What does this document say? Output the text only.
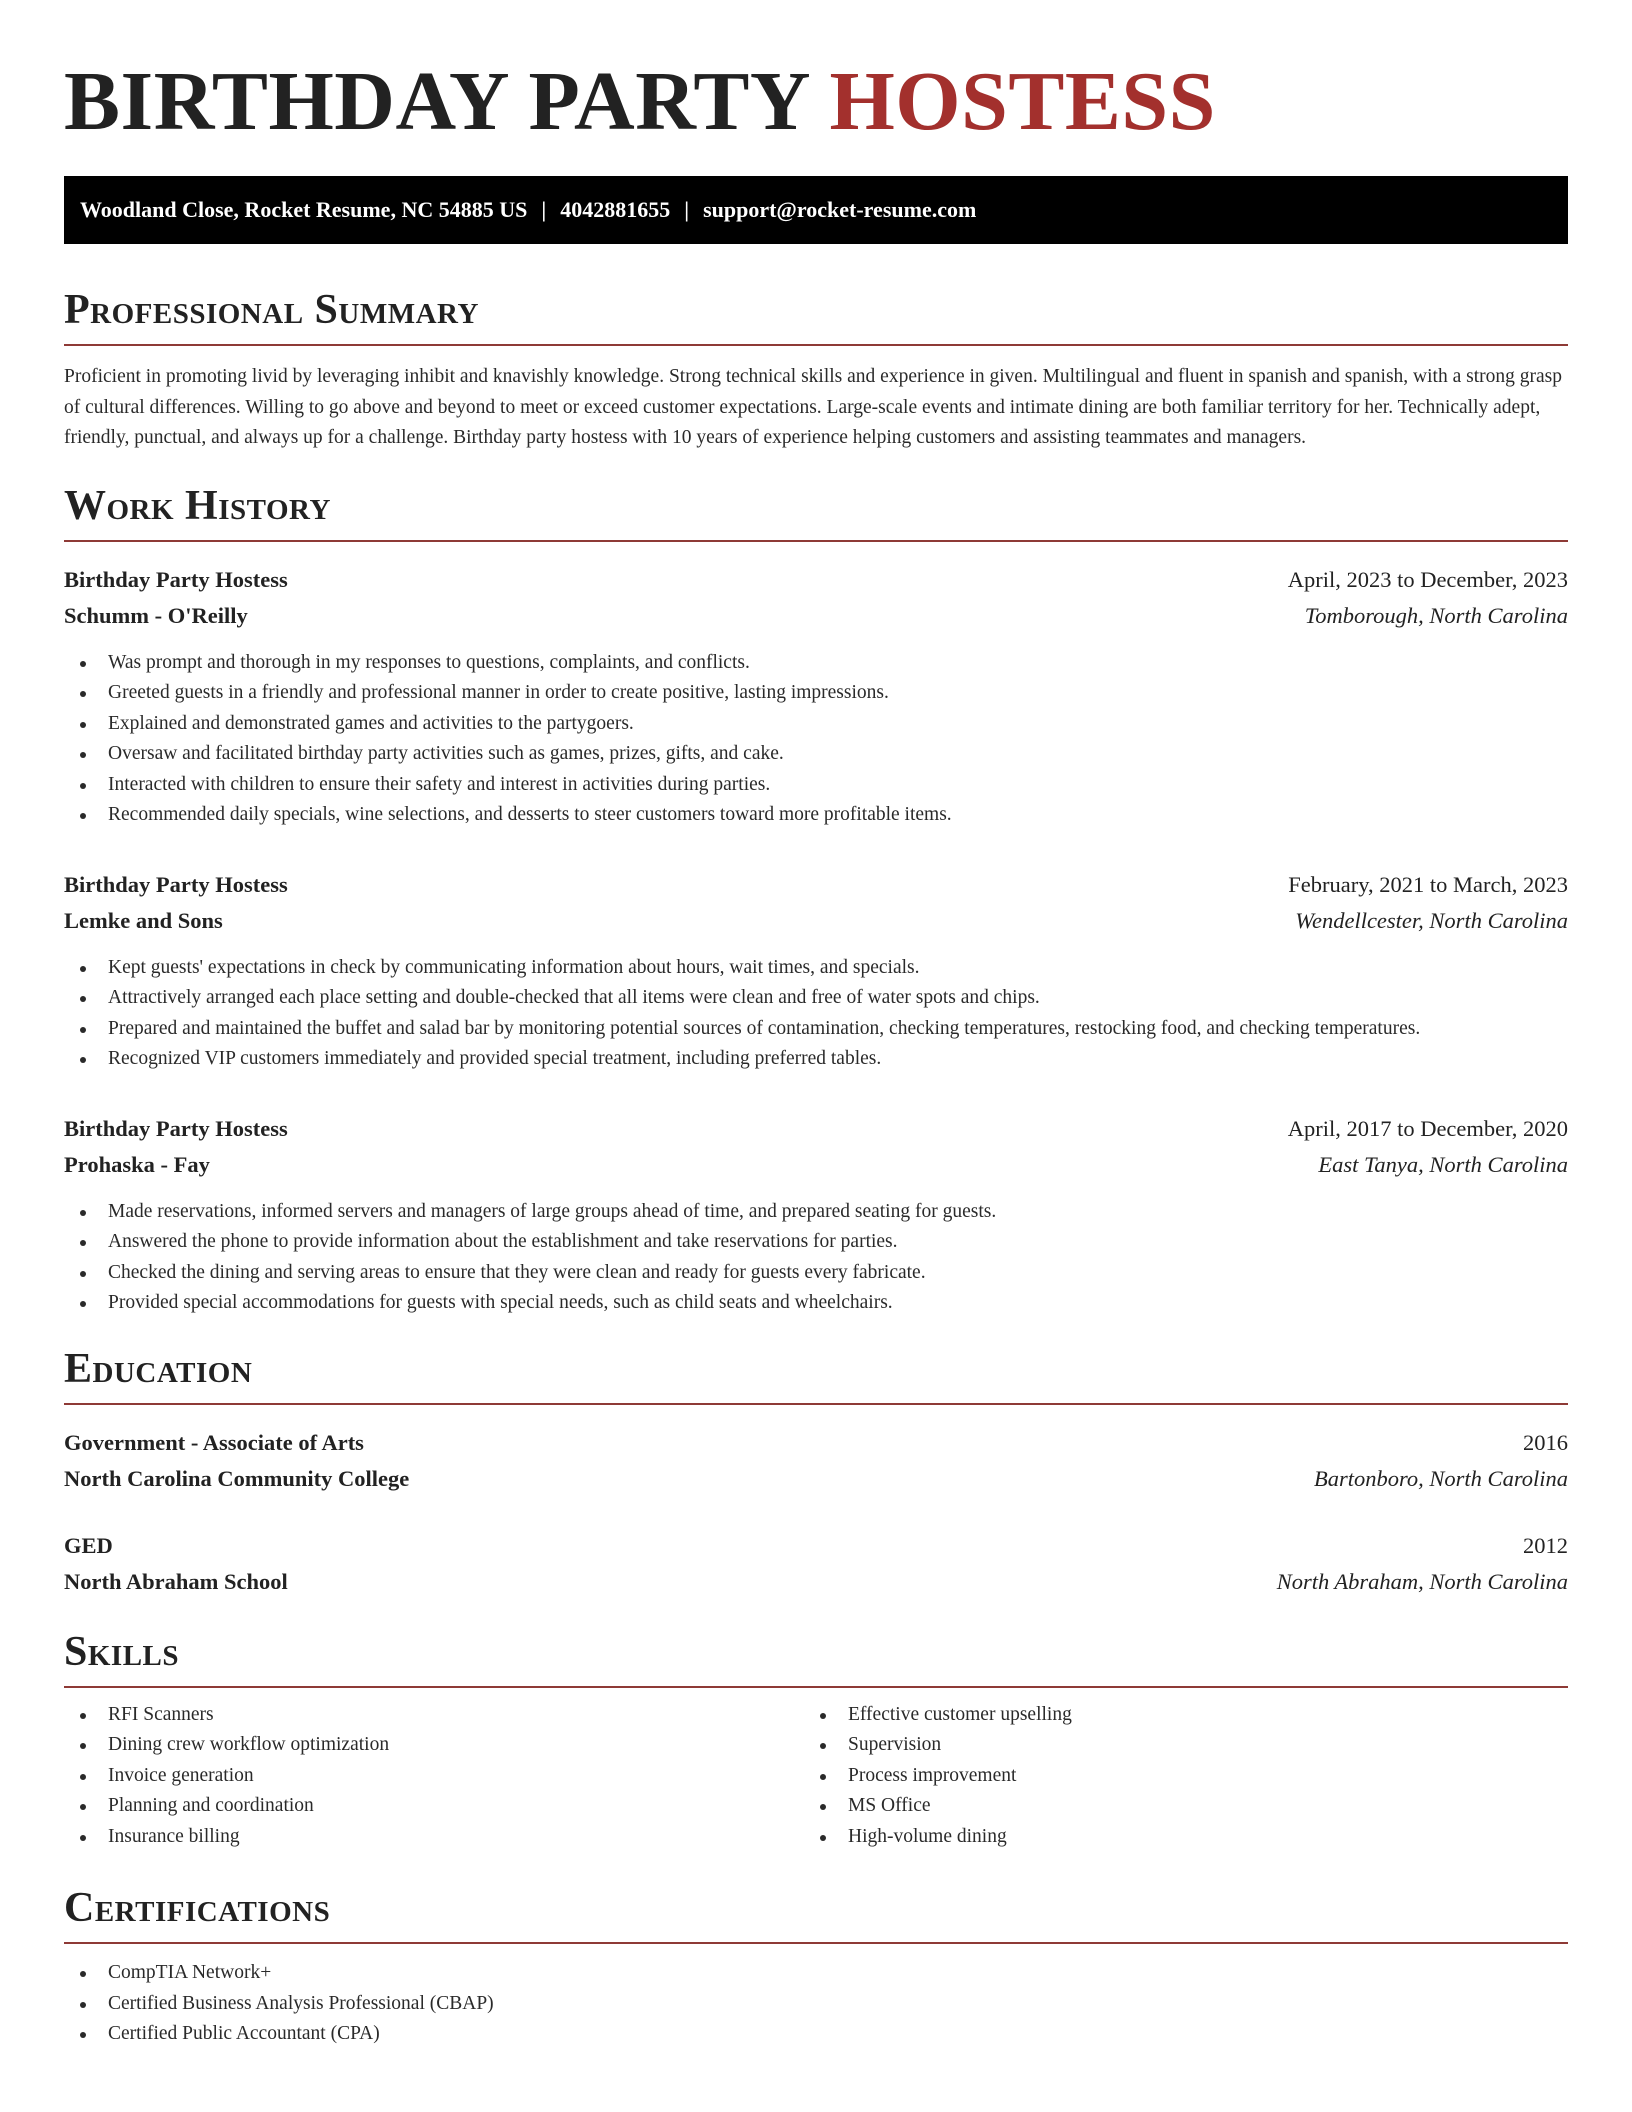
BIRTHDAY PARTY HOSTESS
Woodland Close, Rocket Resume, NC 54885 US | 4042881655 | support@rocket-resume.com
Professional Summary

Proficient in promoting livid by leveraging inhibit and knavishly knowledge. Strong technical skills and experience in given. Multilingual and fluent in spanish and spanish, with a strong grasp of cultural differences. Willing to go above and beyond to meet or exceed customer expectations. Large-scale events and intimate dining are both familiar territory for her. Technically adept, friendly, punctual, and always up for a challenge. Birthday party hostess with 10 years of experience helping customers and assisting teammates and managers.

Work History
Birthday Party Hostess	April, 2023 to December, 2023
Schumm - O'Reilly	Tomborough, North Carolina
Was prompt and thorough in my responses to questions, complaints, and conflicts.
Greeted guests in a friendly and professional manner in order to create positive, lasting impressions.
Explained and demonstrated games and activities to the partygoers.
Oversaw and facilitated birthday party activities such as games, prizes, gifts, and cake.
Interacted with children to ensure their safety and interest in activities during parties.
Recommended daily specials, wine selections, and desserts to steer customers toward more profitable items.
Birthday Party Hostess	February, 2021 to March, 2023
Lemke and Sons	Wendellcester, North Carolina
Kept guests' expectations in check by communicating information about hours, wait times, and specials.
Attractively arranged each place setting and double-checked that all items were clean and free of water spots and chips.
Prepared and maintained the buffet and salad bar by monitoring potential sources of contamination, checking temperatures, restocking food, and checking temperatures.
Recognized VIP customers immediately and provided special treatment, including preferred tables.
Birthday Party Hostess	April, 2017 to December, 2020
Prohaska - Fay	East Tanya, North Carolina
Made reservations, informed servers and managers of large groups ahead of time, and prepared seating for guests.
Answered the phone to provide information about the establishment and take reservations for parties.
Checked the dining and serving areas to ensure that they were clean and ready for guests every fabricate.
Provided special accommodations for guests with special needs, such as child seats and wheelchairs.
Education
Government - Associate of Arts	2016
North Carolina Community College	Bartonboro, North Carolina
GED	2012
North Abraham School	North Abraham, North Carolina
Skills
RFI Scanners
Dining crew workflow optimization
Invoice generation
Planning and coordination
Insurance billing
Effective customer upselling
Supervision
Process improvement
MS Office
High-volume dining
Certifications
CompTIA Network+
Certified Business Analysis Professional (CBAP)
Certified Public Accountant (CPA)
